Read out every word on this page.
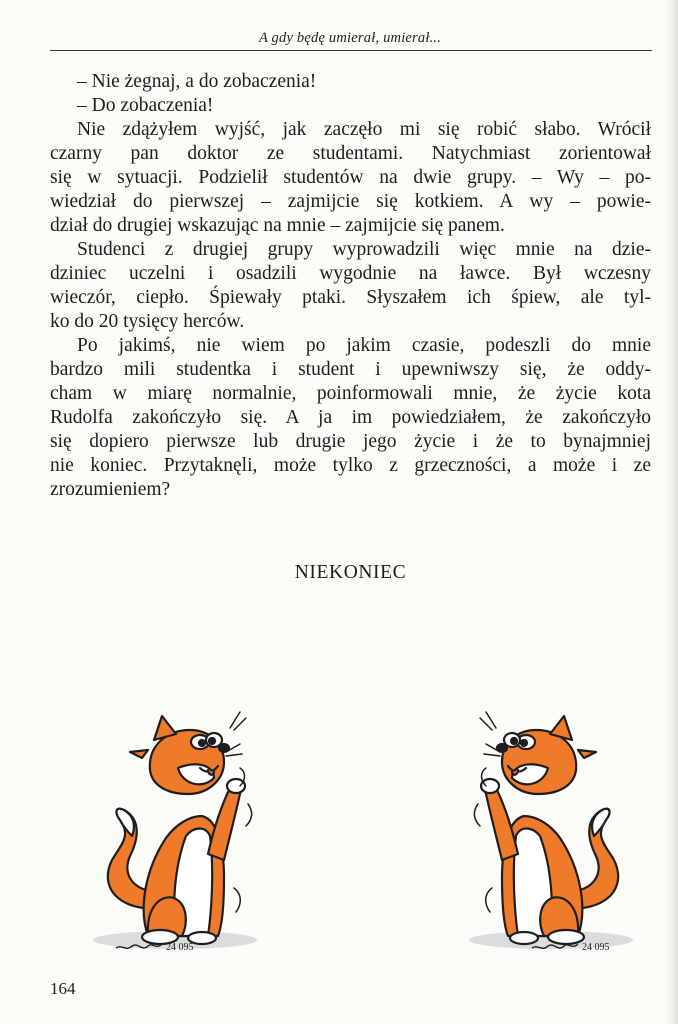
A gdy będę umierał, umierał...
– Nie żegnaj, a do zobaczenia!
– Do zobaczenia!
Nie zdążyłem wyjść, jak zaczęło mi się robić słabo. Wrócił
czarny pan doktor ze studentami. Natychmiast zorientował
się w sytuacji. Podzielił studentów na dwie grupy. – Wy – po-
wiedział do pierwszej – zajmijcie się kotkiem. A wy – powie-
dział do drugiej wskazując na mnie – zajmijcie się panem.
Studenci z drugiej grupy wyprowadzili więc mnie na dzie-
dziniec uczelni i osadzili wygodnie na ławce. Był wczesny
wieczór, ciepło. Śpiewały ptaki. Słyszałem ich śpiew, ale tyl-
ko do 20 tysięcy herców.
Po jakimś, nie wiem po jakim czasie, podeszli do mnie
bardzo mili studentka i student i upewniwszy się, że oddy-
cham w miarę normalnie, poinformowali mnie, że życie kota
Rudolfa zakończyło się. A ja im powiedziałem, że zakończyło
się dopiero pierwsze lub drugie jego życie i że to bynajmniej
nie koniec. Przytaknęli, może tylko z grzeczności, a może i ze
zrozumieniem?
NIEKONIEC
24 095	24 095
164
